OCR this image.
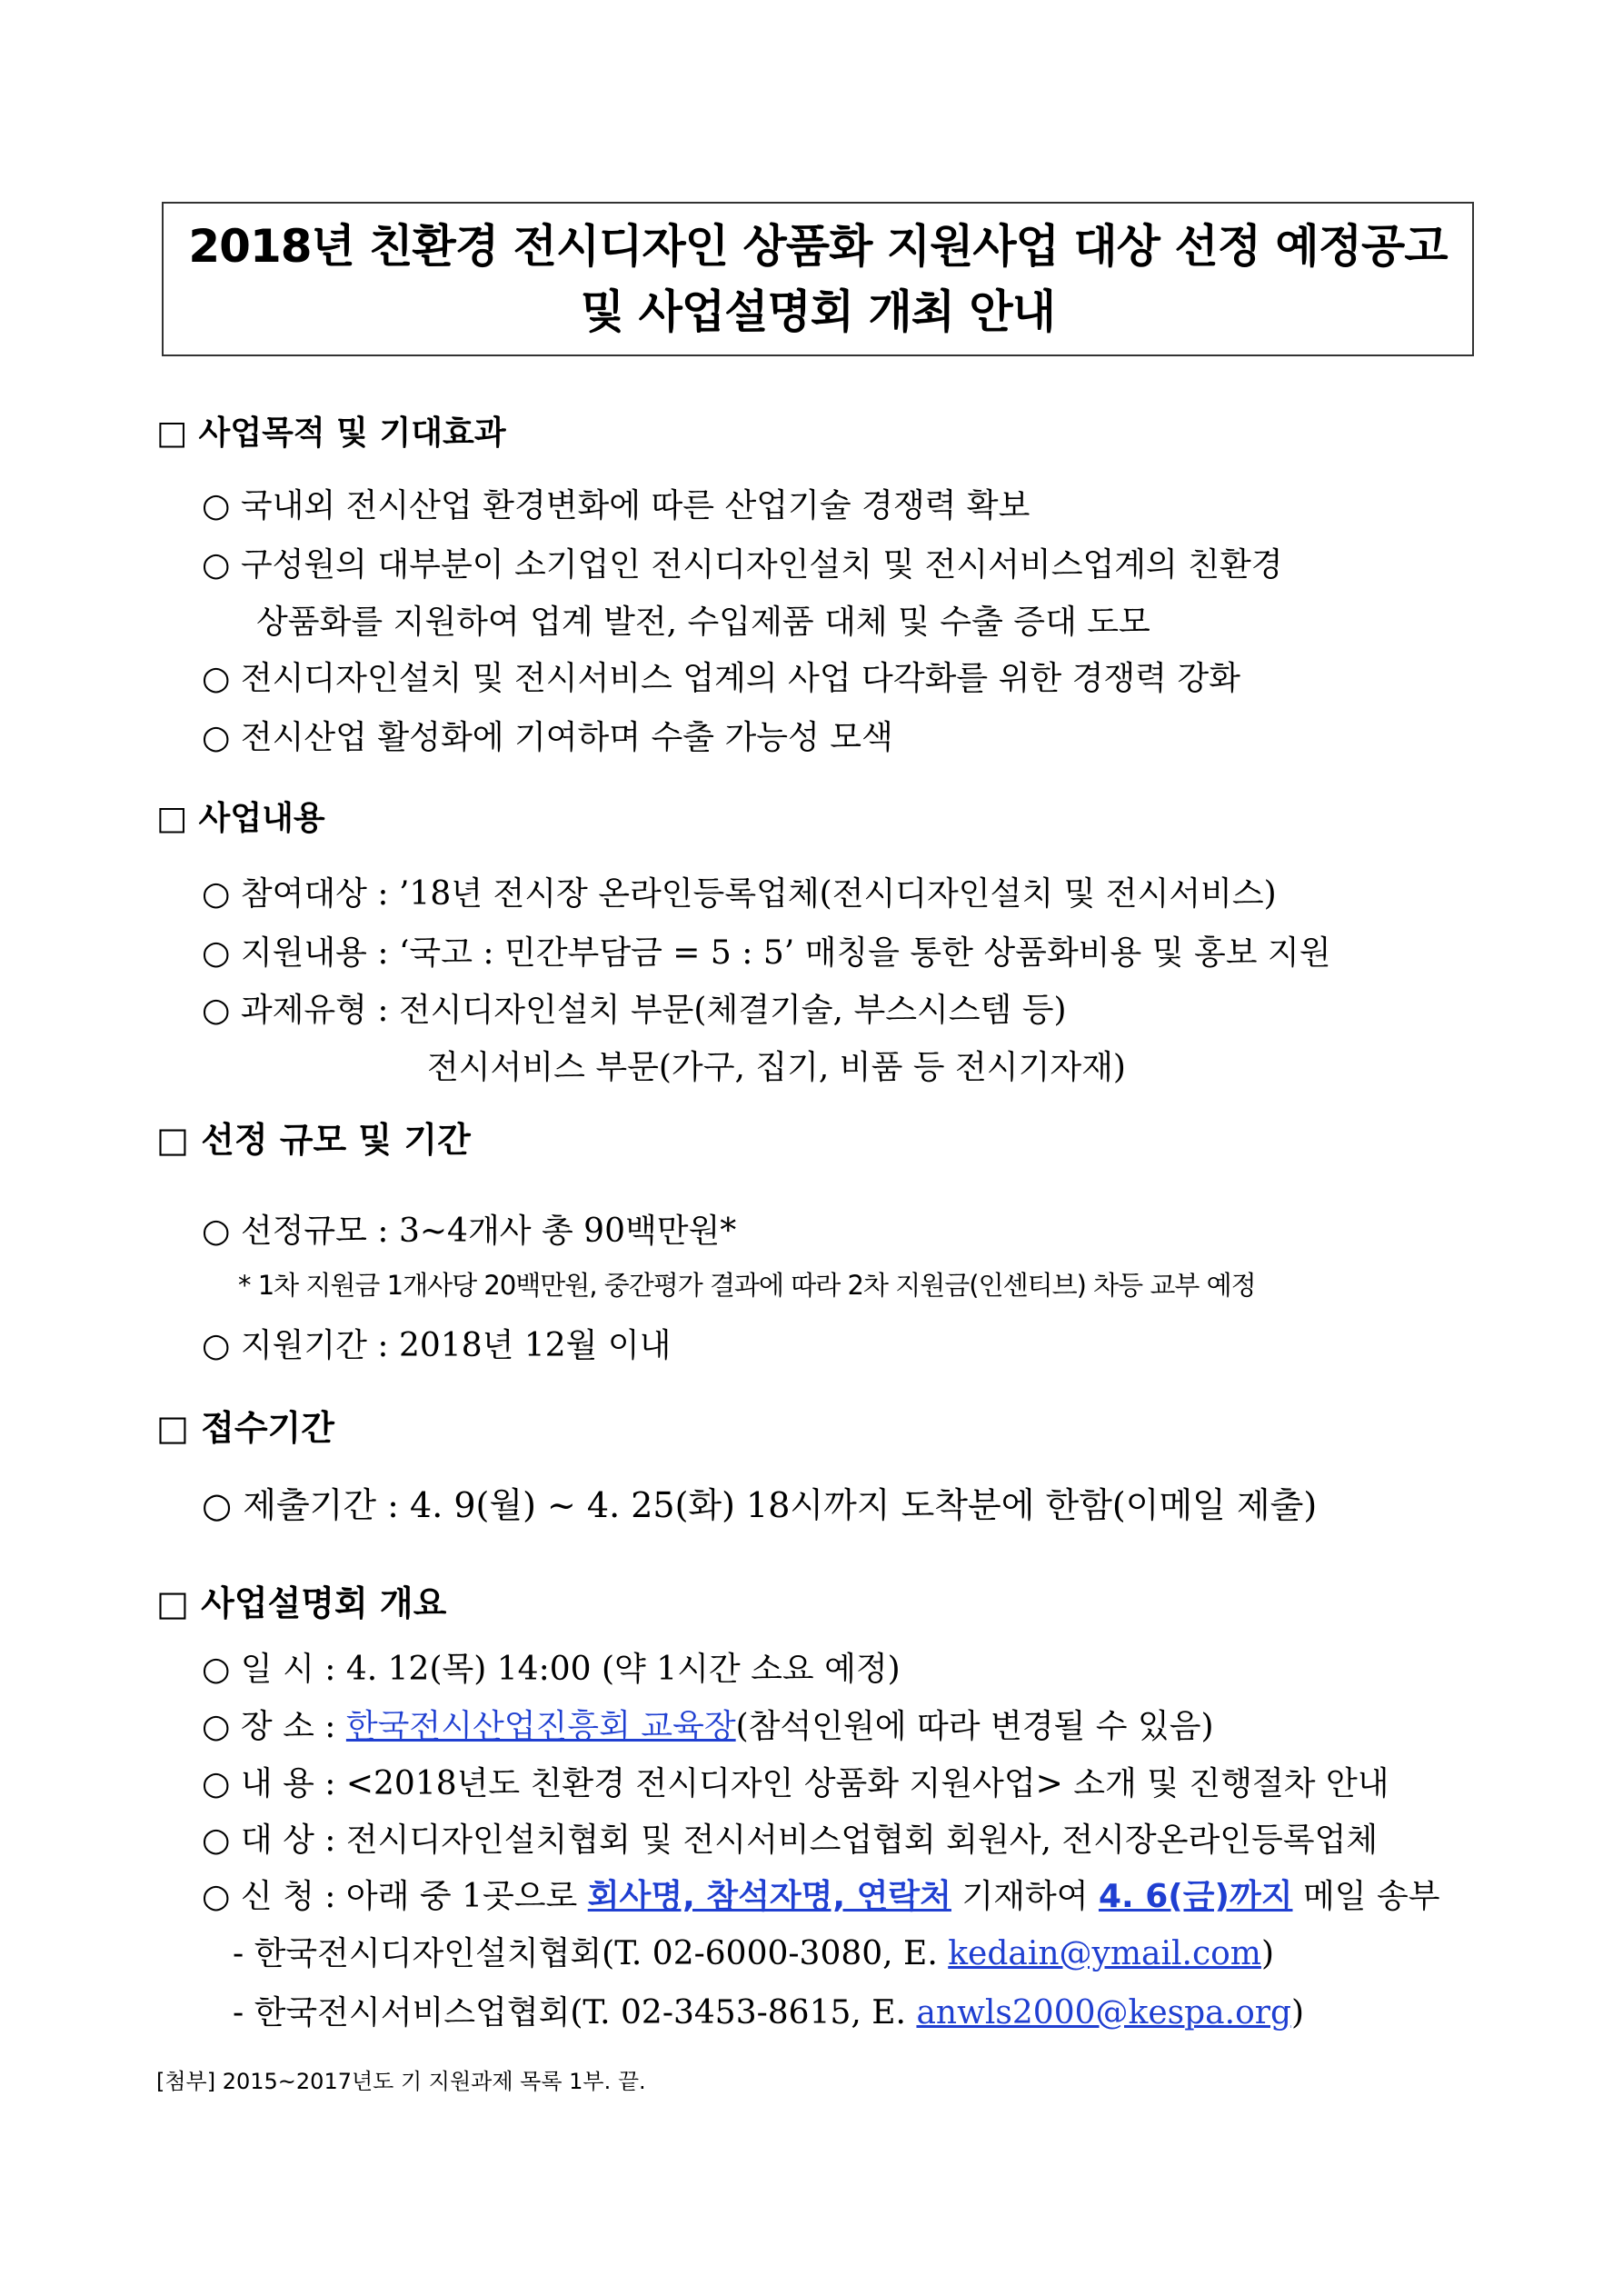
2018년 친환경 전시디자인 상품화 지원사업 대상 선정 예정공고
및 사업설명회 개최 안내
□ 사업목적 및 기대효과
○ 국내외 전시산업 환경변화에 따른 산업기술 경쟁력 확보
○ 구성원의 대부분이 소기업인 전시디자인설치 및 전시서비스업계의 친환경
상품화를 지원하여 업계 발전, 수입제품 대체 및 수출 증대 도모
○ 전시디자인설치 및 전시서비스 업계의 사업 다각화를 위한 경쟁력 강화
○ 전시산업 활성화에 기여하며 수출 가능성 모색
□ 사업내용
○ 참여대상 : ’18년 전시장 온라인등록업체(전시디자인설치 및 전시서비스)
○ 지원내용 : ‘국고 : 민간부담금 = 5 : 5’ 매칭을 통한 상품화비용 및 홍보 지원
○ 과제유형 : 전시디자인설치 부문(체결기술, 부스시스템 등)
전시서비스 부문(가구, 집기, 비품 등 전시기자재)
□ 선정 규모 및 기간
○ 선정규모 : 3~4개사 총 90백만원*
* 1차 지원금 1개사당 20백만원, 중간평가 결과에 따라 2차 지원금(인센티브) 차등 교부 예정
○ 지원기간 : 2018년 12월 이내
□ 접수기간
○ 제출기간 : 4. 9(월) ~ 4. 25(화) 18시까지 도착분에 한함(이메일 제출)
□ 사업설명회 개요
○ 일 시 : 4. 12(목) 14:00 (약 1시간 소요 예정)
○ 장 소 : 한국전시산업진흥회 교육장(참석인원에 따라 변경될 수 있음)
○ 내 용 : <2018년도 친환경 전시디자인 상품화 지원사업> 소개 및 진행절차 안내
○ 대 상 : 전시디자인설치협회 및 전시서비스업협회 회원사, 전시장온라인등록업체
○ 신 청 : 아래 중 1곳으로 회사명, 참석자명, 연락처 기재하여 4. 6(금)까지 메일 송부
- 한국전시디자인설치협회(T. 02-6000-3080, E. kedain@ymail.com)
- 한국전시서비스업협회(T. 02-3453-8615, E. anwls2000@kespa.org)
[첨부] 2015~2017년도 기 지원과제 목록 1부. 끝.
